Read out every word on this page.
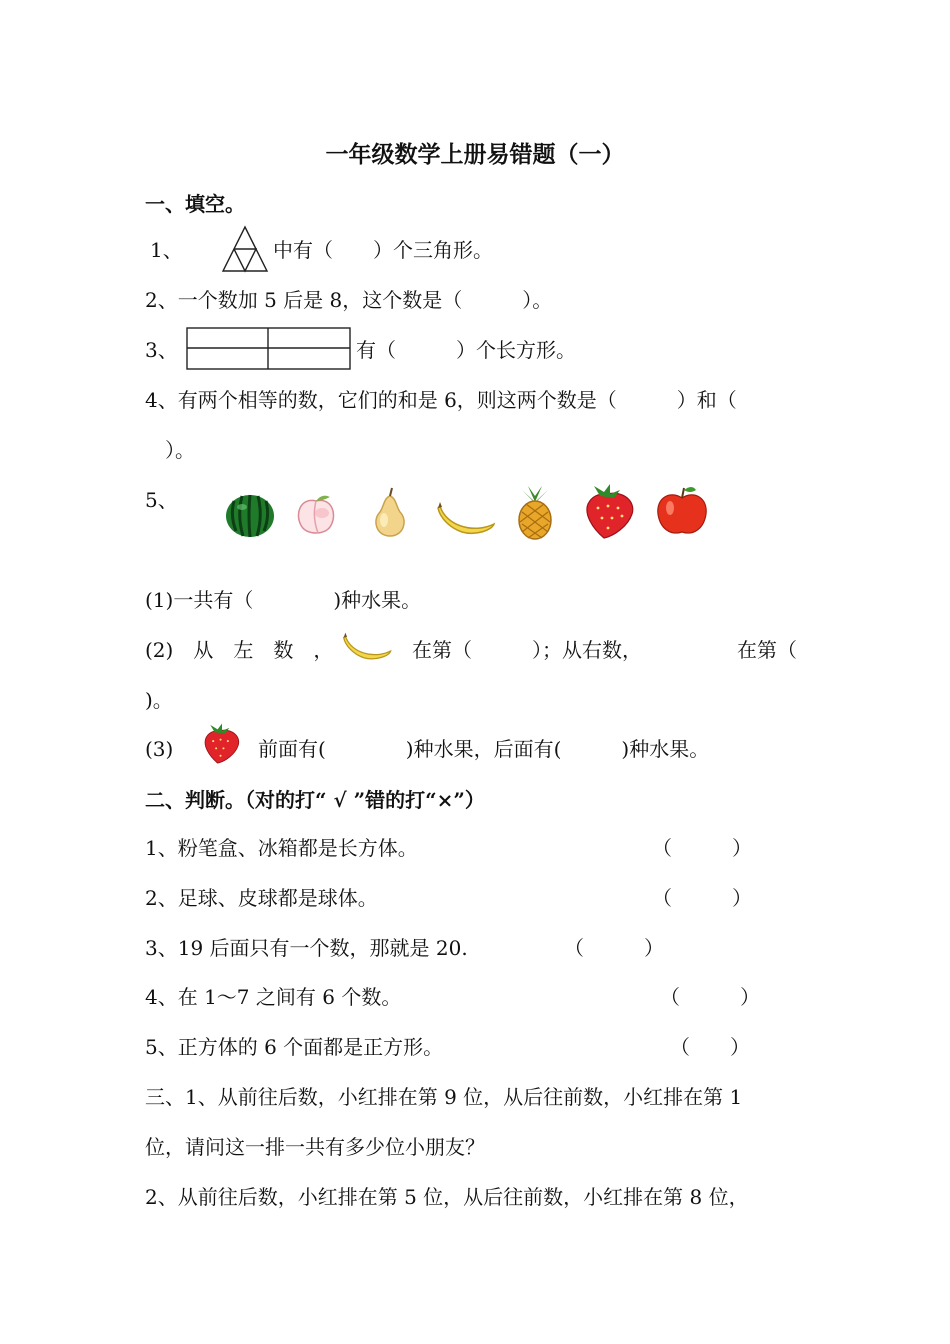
一年级数学上册易错题（一）
一、填空。
1、	中有（　　）个三角形。
2、一个数加 5 后是 8，这个数是（　　　）。
3、	有（　　　）个长方形。
4、有两个相等的数，它们的和是 6，则这两个数是（　　　）和（
　）。
5、
(1)一共有（　　　　)种水果。
(2)　从　左　数　，	在第（　　　）；从右数，	在第（
)。
(3)	前面有(　　　　)种水果，后面有(　　　)种水果。
二、判断。（对的打“ √ ”错的打“×”）
1、粉笔盒、冰箱都是长方体。	（　　　）
2、足球、皮球都是球体。	（　　　）
3、19 后面只有一个数，那就是 20.	（　　　）
4、在 1～7 之间有 6 个数。	（　　　）
5、正方体的 6 个面都是正方形。	（　　）
三、1、从前往后数，小红排在第 9 位，从后往前数，小红排在第 1
位，请问这一排一共有多少位小朋友？
2、从前往后数，小红排在第 5 位，从后往前数，小红排在第 8 位，
